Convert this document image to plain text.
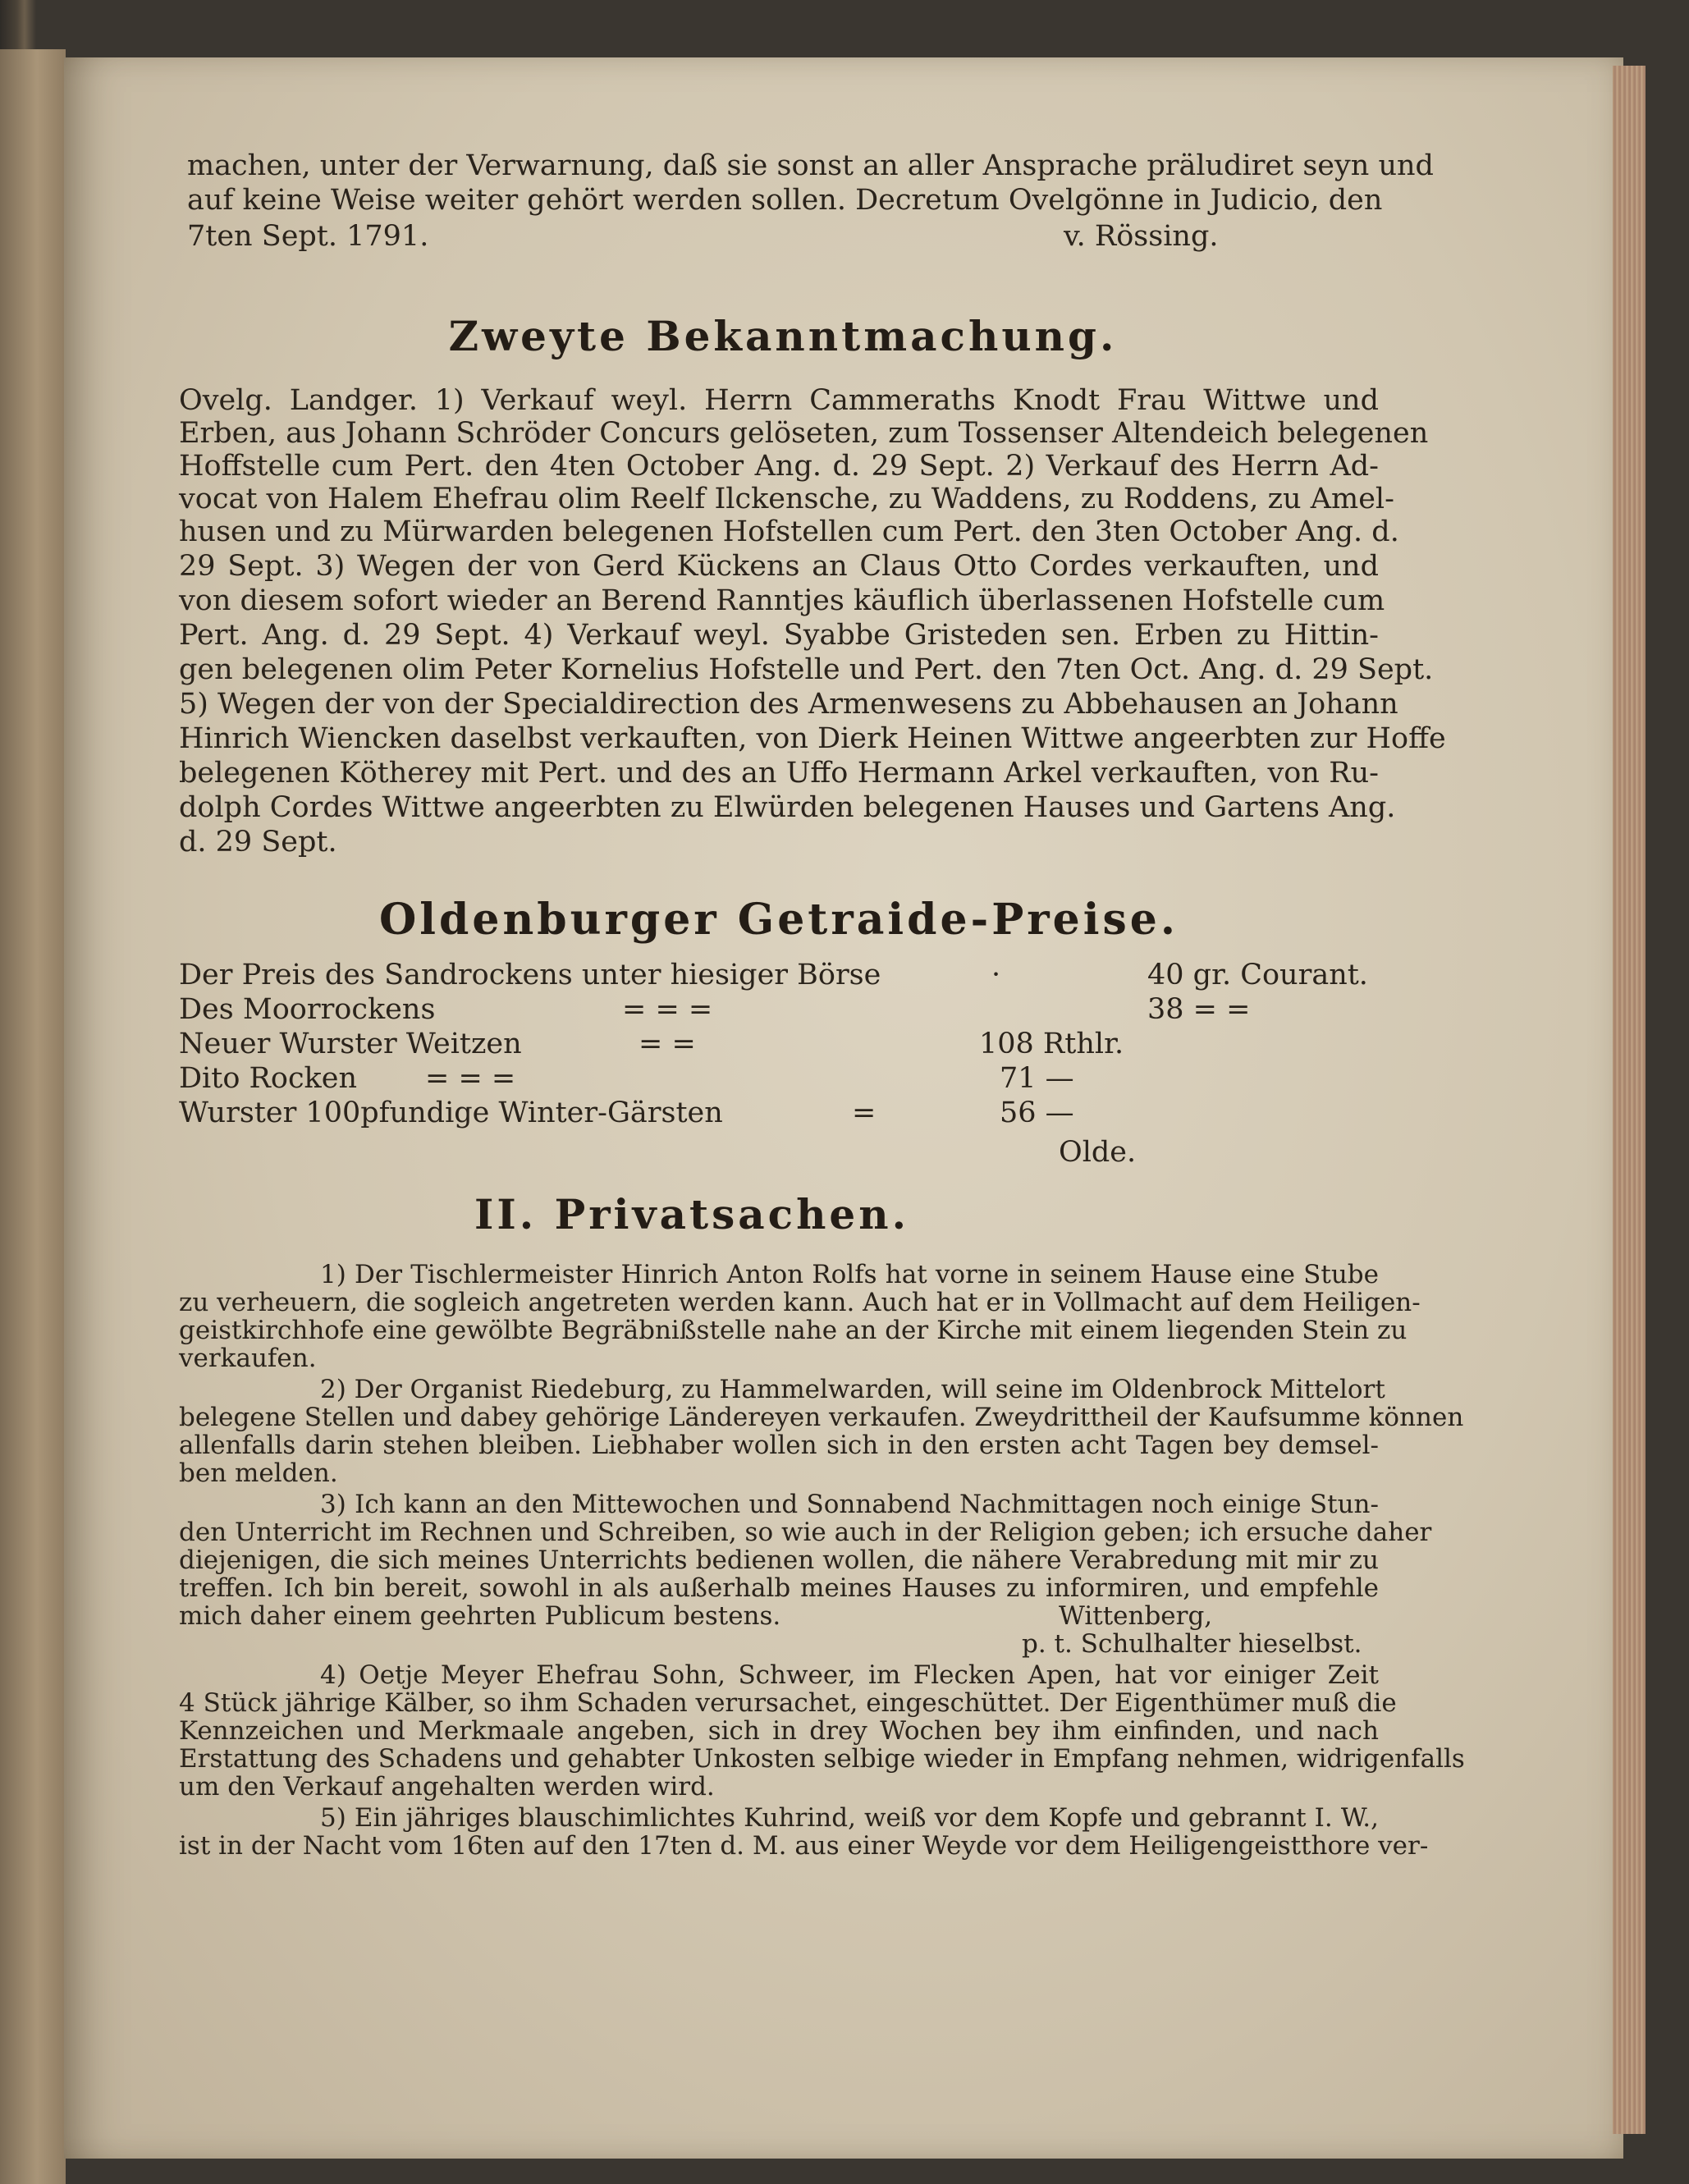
machen, unter der Verwarnung, daß sie sonst an aller Ansprache präludiret seyn und
auf keine Weise weiter gehört werden sollen. Decretum Ovelgönne in Judicio, den
7ten Sept. 1791.	v. Rössing.
Zweyte Bekanntmachung.
Ovelg. Landger. 1) Verkauf weyl. Herrn Cammeraths Knodt Frau Wittwe und
Erben, aus Johann Schröder Concurs gelöseten, zum Tossenser Altendeich belegenen
Hoffstelle cum Pert. den 4ten October Ang. d. 29 Sept. 2) Verkauf des Herrn Ad-
vocat von Halem Ehefrau olim Reelf Ilckensche, zu Waddens, zu Roddens, zu Amel-
husen und zu Mürwarden belegenen Hofstellen cum Pert. den 3ten October Ang. d.
29 Sept. 3) Wegen der von Gerd Kückens an Claus Otto Cordes verkauften, und
von diesem sofort wieder an Berend Ranntjes käuflich überlassenen Hofstelle cum
Pert. Ang. d. 29 Sept. 4) Verkauf weyl. Syabbe Gristeden sen. Erben zu Hittin-
gen belegenen olim Peter Kornelius Hofstelle und Pert. den 7ten Oct. Ang. d. 29 Sept.
5) Wegen der von der Specialdirection des Armenwesens zu Abbehausen an Johann
Hinrich Wiencken daselbst verkauften, von Dierk Heinen Wittwe angeerbten zur Hoffe
belegenen Kötherey mit Pert. und des an Uffo Hermann Arkel verkauften, von Ru-
dolph Cordes Wittwe angeerbten zu Elwürden belegenen Hauses und Gartens Ang.
d. 29 Sept.
Oldenburger Getraide-Preise.
Der Preis des Sandrockens unter hiesiger Börse	·	40 gr. Courant.
Des Moorrockens	= = =	38 = =
Neuer Wurster Weitzen	= =	108 Rthlr.
Dito Rocken = = =	71 —
Wurster 100pfundige Winter-Gärsten	=	56 —
Olde.
II. Privatsachen.
1) Der Tischlermeister Hinrich Anton Rolfs hat vorne in seinem Hause eine Stube
zu verheuern, die sogleich angetreten werden kann. Auch hat er in Vollmacht auf dem Heiligen-
geistkirchhofe eine gewölbte Begräbnißstelle nahe an der Kirche mit einem liegenden Stein zu
verkaufen.
2) Der Organist Riedeburg, zu Hammelwarden, will seine im Oldenbrock Mittelort
belegene Stellen und dabey gehörige Ländereyen verkaufen. Zweydrittheil der Kaufsumme können
allenfalls darin stehen bleiben. Liebhaber wollen sich in den ersten acht Tagen bey demsel-
ben melden.
3) Ich kann an den Mittewochen und Sonnabend Nachmittagen noch einige Stun-
den Unterricht im Rechnen und Schreiben, so wie auch in der Religion geben; ich ersuche daher
diejenigen, die sich meines Unterrichts bedienen wollen, die nähere Verabredung mit mir zu
treffen. Ich bin bereit, sowohl in als außerhalb meines Hauses zu informiren, und empfehle
mich daher einem geehrten Publicum bestens.	Wittenberg,
p. t. Schulhalter hieselbst.
4) Oetje Meyer Ehefrau Sohn, Schweer, im Flecken Apen, hat vor einiger Zeit
4 Stück jährige Kälber, so ihm Schaden verursachet, eingeschüttet. Der Eigenthümer muß die
Kennzeichen und Merkmaale angeben, sich in drey Wochen bey ihm einfinden, und nach
Erstattung des Schadens und gehabter Unkosten selbige wieder in Empfang nehmen, widrigenfalls
um den Verkauf angehalten werden wird.
5) Ein jähriges blauschimlichtes Kuhrind, weiß vor dem Kopfe und gebrannt I. W.,
ist in der Nacht vom 16ten auf den 17ten d. M. aus einer Weyde vor dem Heiligengeistthore ver-
